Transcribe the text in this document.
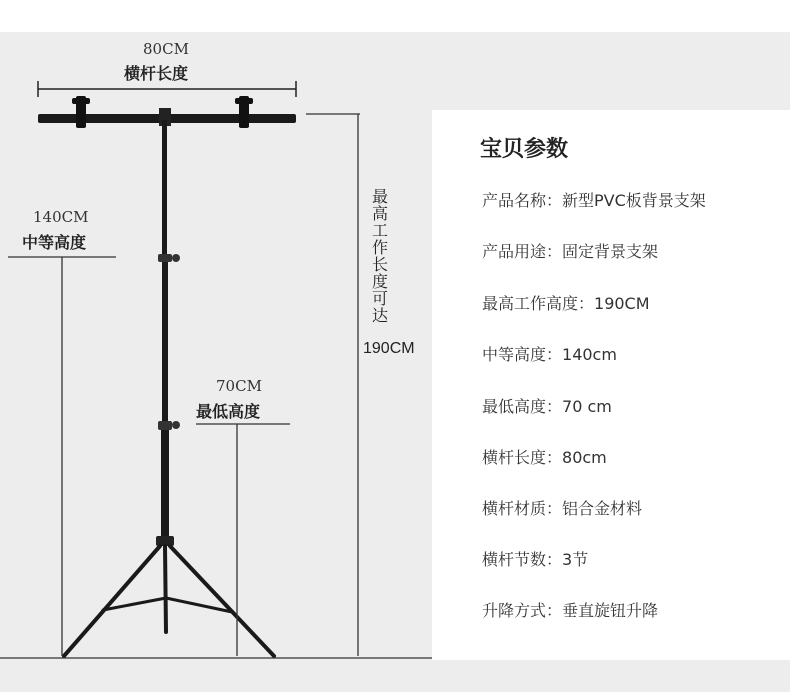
80CM
横杆长度
140CM
中等高度
70CM
最低高度
最高工作长度可达
190CM
宝贝参数
产品名称：新型PVC板背景支架
产品用途：固定背景支架
最高工作高度：190CM
中等高度：140cm
最低高度：70 cm
横杆长度：80cm
横杆材质：铝合金材料
横杆节数：3节
升降方式：垂直旋钮升降
